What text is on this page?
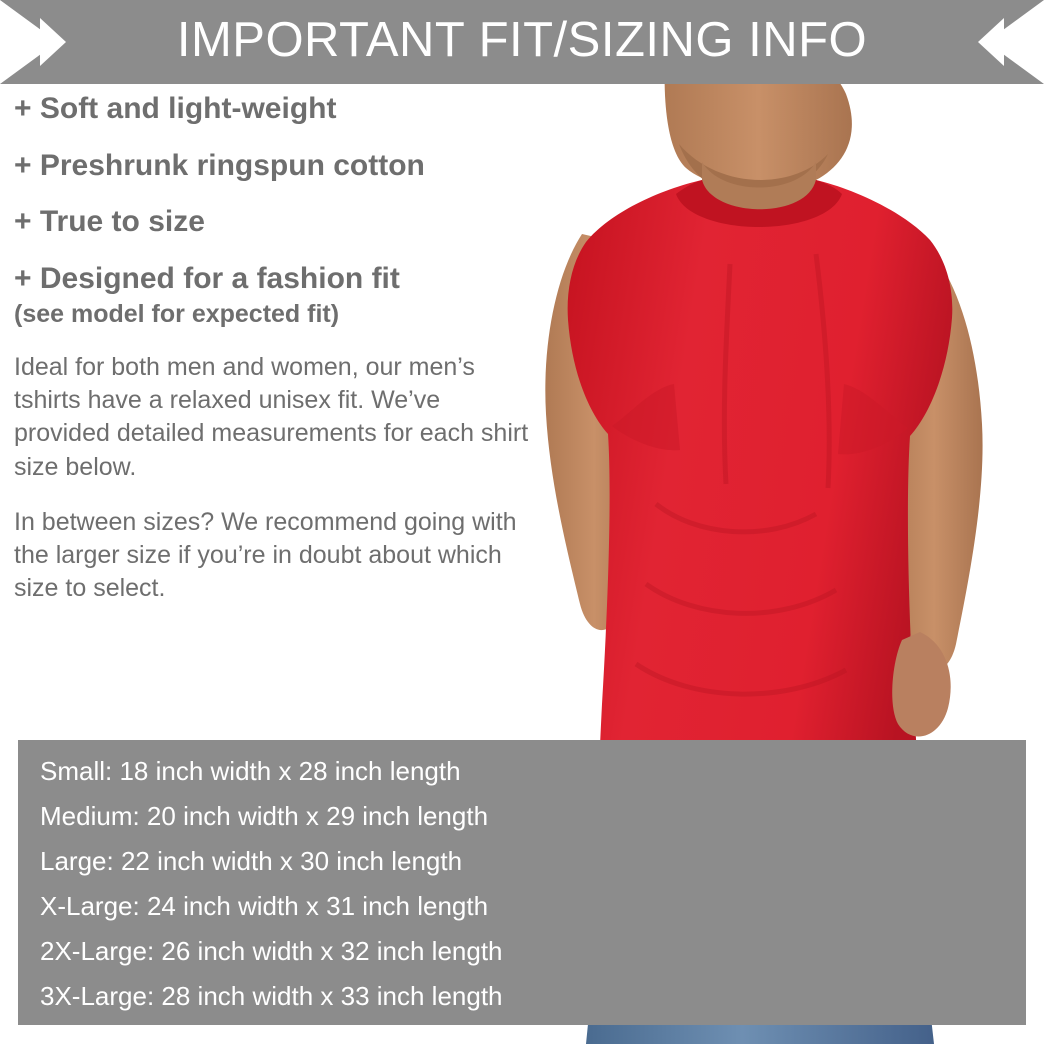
IMPORTANT FIT/SIZING INFO

+ Soft and light-weight

+ Preshrunk ringspun cotton

+ True to size

+ Designed for a fashion fit

(see model for expected fit)

Ideal for both men and women, our men’s tshirts have a relaxed unisex fit. We’ve provided detailed measurements for each shirt size below.

In between sizes? We recommend going with the larger size if you’re in doubt about which size to select.

Small: 18 inch width x 28 inch length
Medium: 20 inch width x 29 inch length
Large: 22 inch width x 30 inch length
X-Large: 24 inch width x 31 inch length
2X-Large: 26 inch width x 32 inch length
3X-Large: 28 inch width x 33 inch length
